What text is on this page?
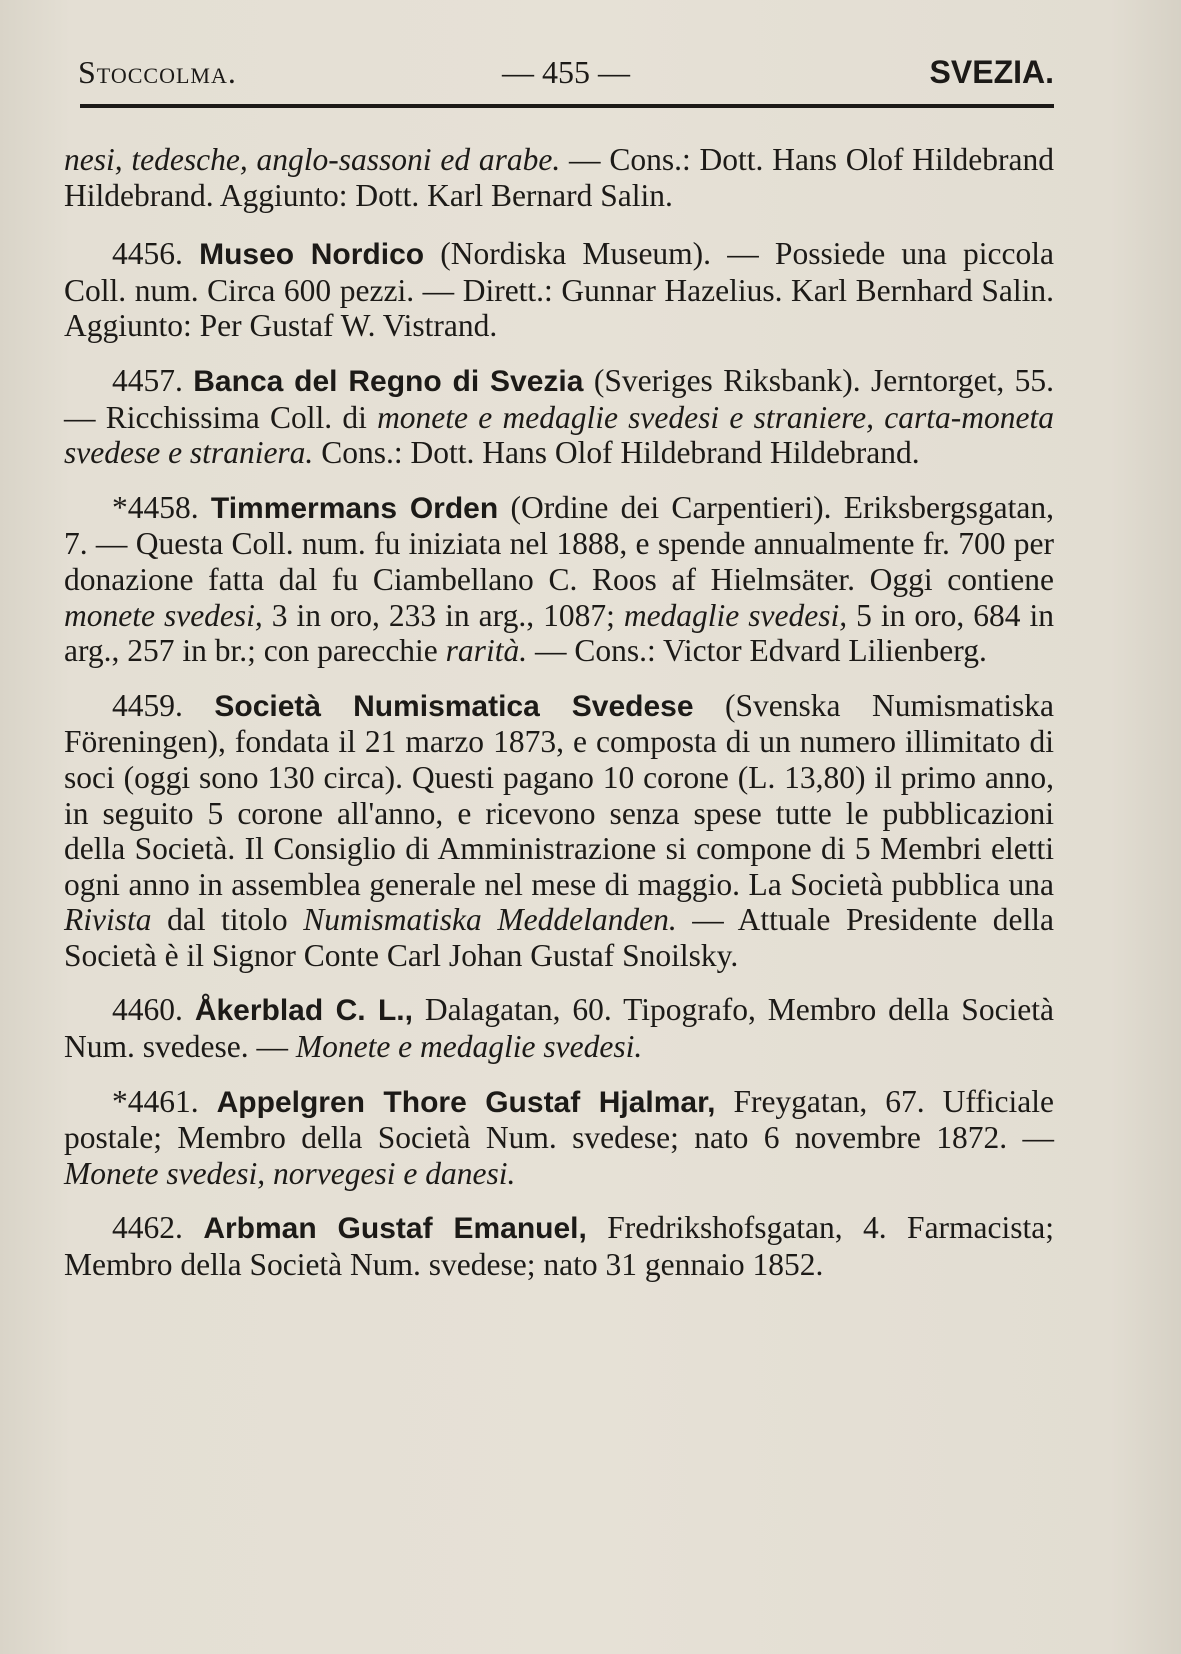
Stoccolma.	— 455 —	SVEZIA.

nesi, tedesche, anglo-sassoni ed arabe. — Cons.: Dott. Hans Olof Hildebrand Hildebrand. Aggiunto: Dott. Karl Bernard Salin.

4456. Museo Nordico (Nordiska Museum). — Possiede una piccola Coll. num. Circa 600 pezzi. — Dirett.: Gunnar Hazelius. Karl Bernhard Salin. Aggiunto: Per Gustaf W. Vistrand.

4457. Banca del Regno di Svezia (Sveriges Riksbank). Jerntorget, 55. — Ricchissima Coll. di monete e medaglie svedesi e straniere, carta-moneta svedese e straniera. Cons.: Dott. Hans Olof Hildebrand Hildebrand.

*4458. Timmermans Orden (Ordine dei Carpentieri). Eriksbergsgatan, 7. — Questa Coll. num. fu iniziata nel 1888, e spende annualmente fr. 700 per donazione fatta dal fu Ciambellano C. Roos af Hielmsäter. Oggi contiene monete svedesi, 3 in oro, 233 in arg., 1087; medaglie svedesi, 5 in oro, 684 in arg., 257 in br.; con parecchie rarità. — Cons.: Victor Edvard Lilienberg.

4459. Società Numismatica Svedese (Svenska Numismatiska Föreningen), fondata il 21 marzo 1873, e composta di un numero illimitato di soci (oggi sono 130 circa). Questi pagano 10 corone (L. 13,80) il primo anno, in seguito 5 corone all'anno, e ricevono senza spese tutte le pubblicazioni della Società. Il Consiglio di Amministrazione si compone di 5 Membri eletti ogni anno in assemblea generale nel mese di maggio. La Società pubblica una Rivista dal titolo Numismatiska Meddelanden. — Attuale Presidente della Società è il Signor Conte Carl Johan Gustaf Snoilsky.

4460. Åkerblad C. L., Dalagatan, 60. Tipografo, Membro della Società Num. svedese. — Monete e medaglie svedesi.

*4461. Appelgren Thore Gustaf Hjalmar, Freygatan, 67. Ufficiale postale; Membro della Società Num. svedese; nato 6 novembre 1872. — Monete svedesi, norvegesi e danesi.

4462. Arbman Gustaf Emanuel, Fredrikshofsgatan, 4. Farmacista; Membro della Società Num. svedese; nato 31 gennaio 1852.
